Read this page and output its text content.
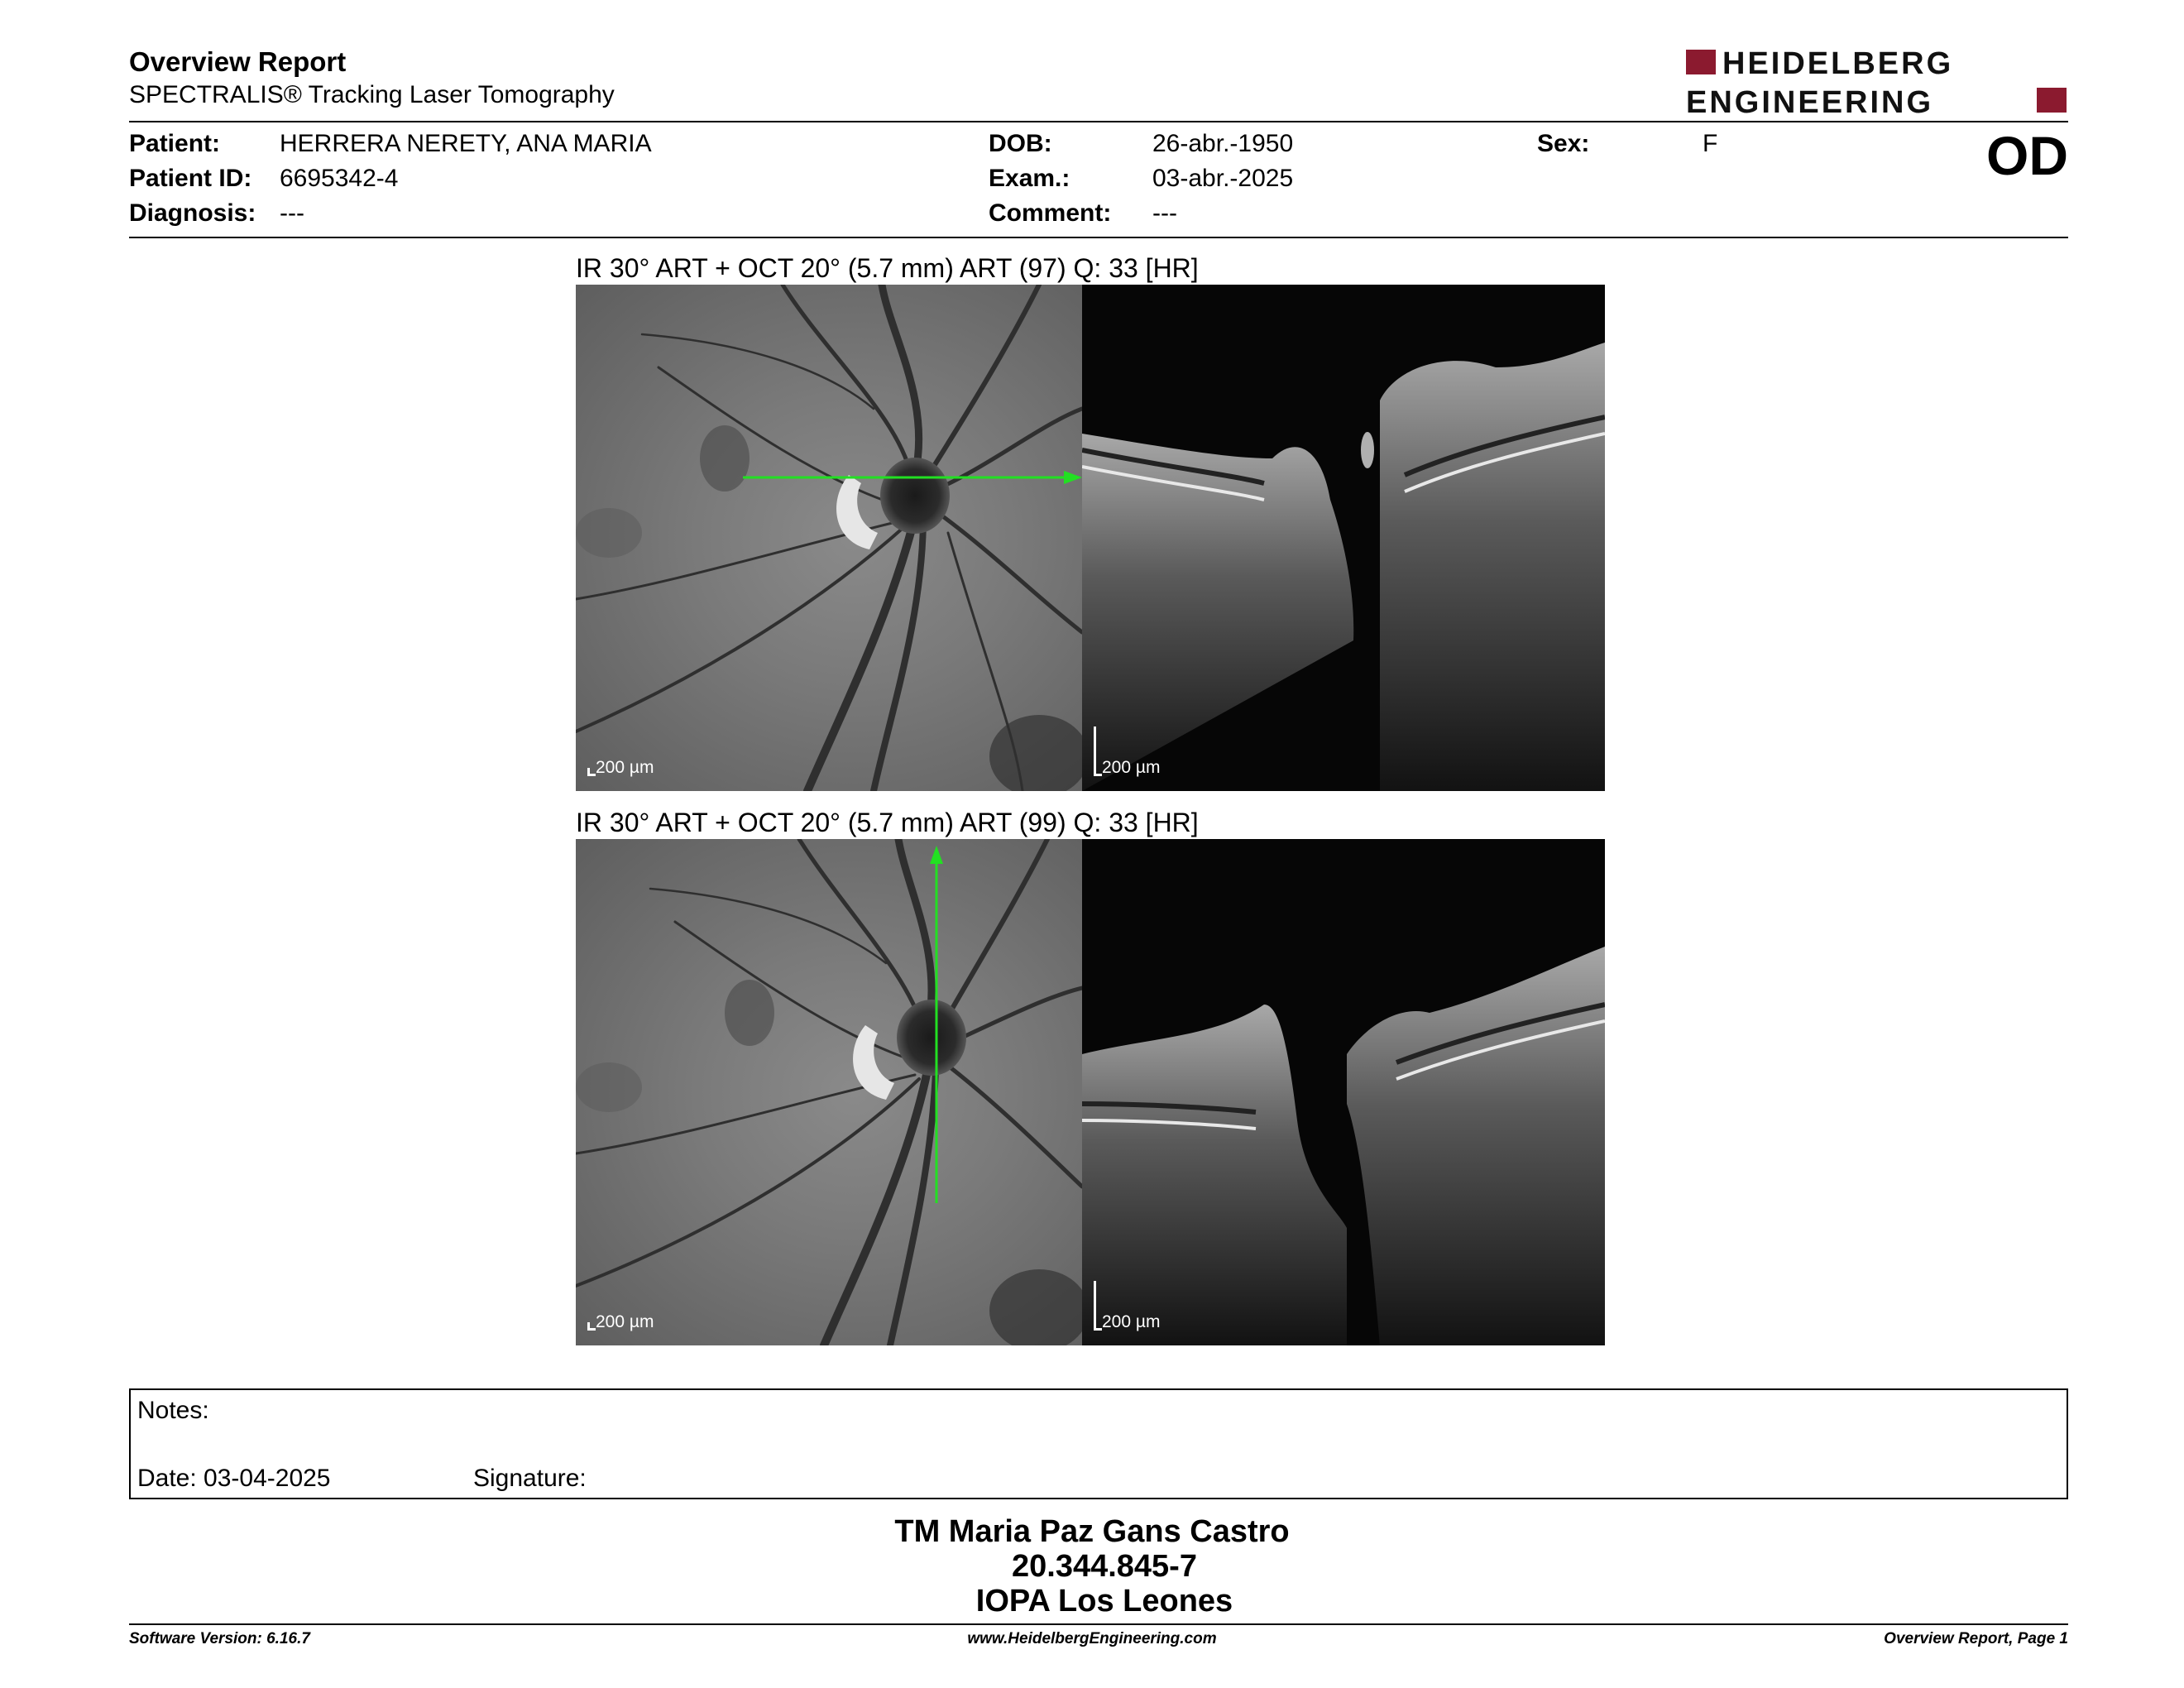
Overview Report
SPECTRALIS® Tracking Laser Tomography
HEIDELBERG
ENGINEERING
Patient: HERRERA NERETY, ANA MARIA
Patient ID: 6695342-4
Diagnosis: ---
DOB:	26-abr.-1950
Exam.:	03-abr.-2025
Comment: ---
Sex:	F	OD
IR 30° ART + OCT 20° (5.7 mm) ART (97) Q: 33 [HR]
200 µm	200 µm
IR 30° ART + OCT 20° (5.7 mm) ART (99) Q: 33 [HR]
200 µm	200 µm
Notes:
Date: 03-04-2025	Signature:
TM Maria Paz Gans Castro
20.344.845-7
IOPA Los Leones
Software Version: 6.16.7	www.HeidelbergEngineering.com	Overview Report, Page 1
